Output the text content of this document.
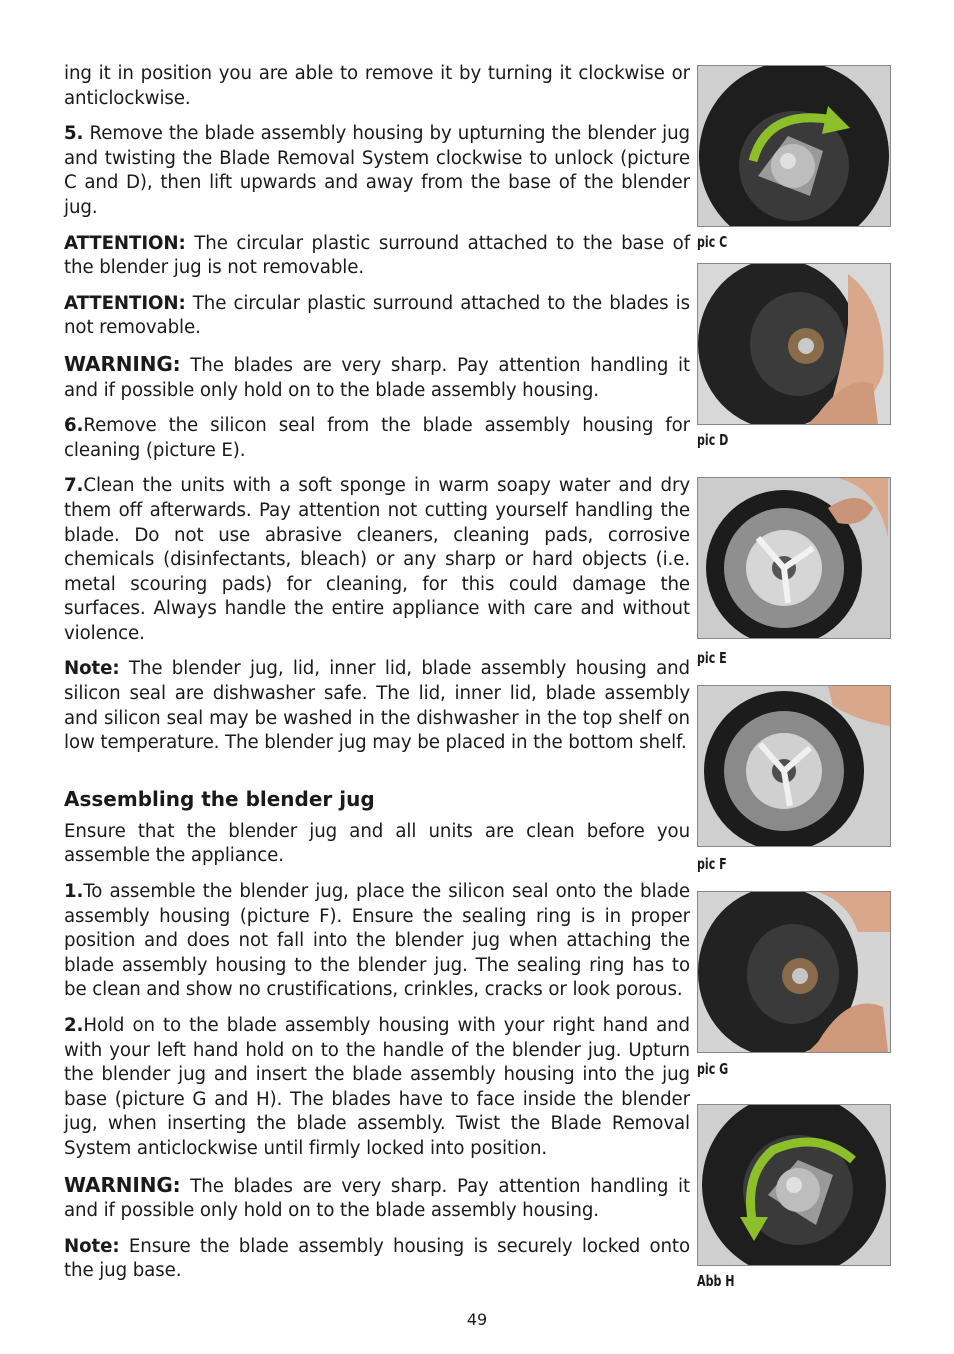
ing it in position you are able to remove it by turning it clockwise or anticlockwise.

5. Remove the blade assembly housing by upturning the blender jug and twisting the Blade Removal System clockwise to unlock (picture C and D), then lift upwards and away from the base of the blender jug.

ATTENTION: The circular plastic surround attached to the base of the blender jug is not removable.

ATTENTION: The circular plastic surround attached to the blades is not removable.

WARNING: The blades are very sharp. Pay attention handling it and if possible only hold on to the blade assembly housing.

6.Remove the silicon seal from the blade assembly housing for cleaning (picture E).

7.Clean the units with a soft sponge in warm soapy water and dry them off afterwards. Pay attention not cutting yourself handling the blade. Do not use abrasive cleaners, cleaning pads, corrosive chemicals (disinfectants, bleach) or any sharp or hard objects (i.e. metal scouring pads) for cleaning, for this could damage the surfaces. Always handle the entire appliance with care and without violence.

Note: The blender jug, lid, inner lid, blade assembly housing and silicon seal are dishwasher safe. The lid, inner lid, blade assembly and silicon seal may be washed in the dishwasher in the top shelf on low temperature. The blender jug may be placed in the bottom shelf.

Assembling the blender jug

Ensure that the blender jug and all units are clean before you assemble the appliance.

1.To assemble the blender jug, place the silicon seal onto the blade assembly housing (picture F). Ensure the sealing ring is in proper position and does not fall into the blender jug when attaching the blade assembly housing to the blender jug. The sealing ring has to be clean and show no crustifications, crinkles, cracks or look porous.

2.Hold on to the blade assembly housing with your right hand and with your left hand hold on to the handle of the blender jug. Upturn the blender jug and insert the blade assembly housing into the jug base (picture G and H). The blades have to face inside the blender jug, when inserting the blade assembly. Twist the Blade Removal System anticlockwise until firmly locked into position.

WARNING: The blades are very sharp. Pay attention handling it and if possible only hold on to the blade assembly housing.

Note: Ensure the blade assembly housing is securely locked onto the jug base.

pic C
pic D
pic E
pic F
pic G
Abb H
49
